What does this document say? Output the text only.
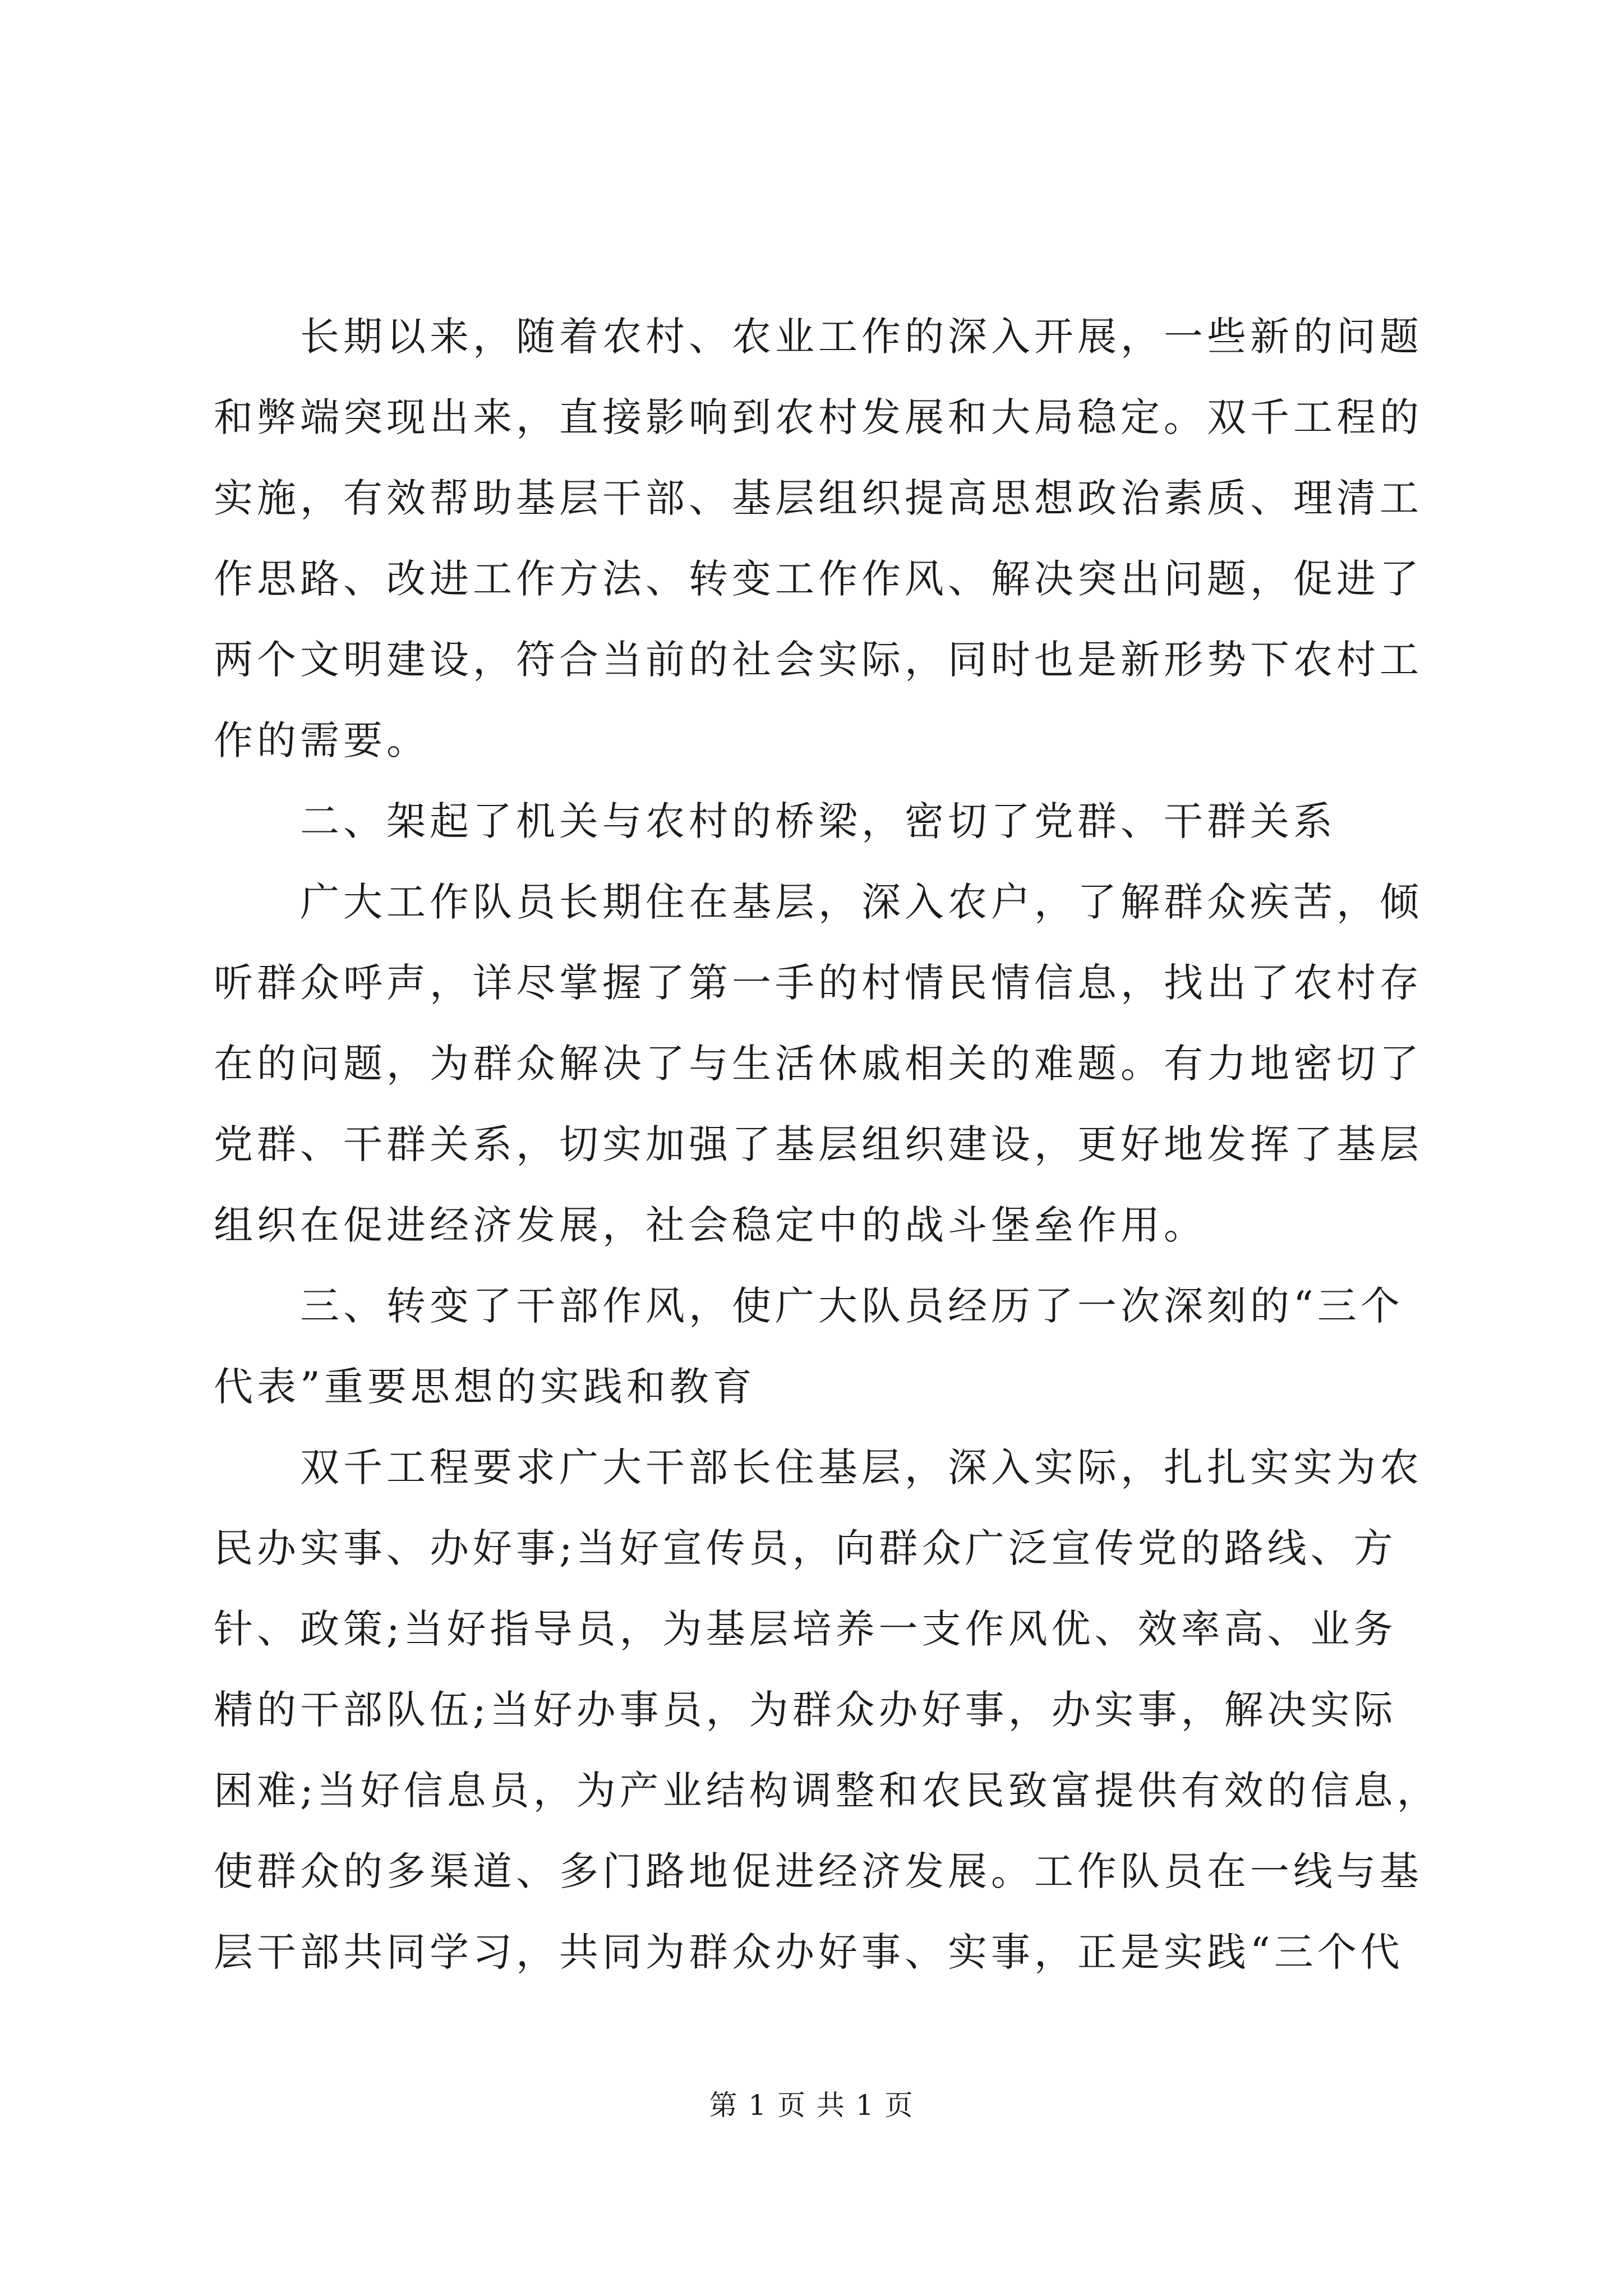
长期以来，随着农村、农业工作的深入开展，一些新的问题
和弊端突现出来，直接影响到农村发展和大局稳定。双千工程的
实施，有效帮助基层干部、基层组织提高思想政治素质、理清工
作思路、改进工作方法、转变工作作风、解决突出问题，促进了
两个文明建设，符合当前的社会实际，同时也是新形势下农村工
作的需要。
二、架起了机关与农村的桥梁，密切了党群、干群关系
广大工作队员长期住在基层，深入农户，了解群众疾苦，倾
听群众呼声，详尽掌握了第一手的村情民情信息，找出了农村存
在的问题，为群众解决了与生活休戚相关的难题。有力地密切了
党群、干群关系，切实加强了基层组织建设，更好地发挥了基层
组织在促进经济发展，社会稳定中的战斗堡垒作用。
三、转变了干部作风，使广大队员经历了一次深刻的“三个
代表”重要思想的实践和教育
双千工程要求广大干部长住基层，深入实际，扎扎实实为农
民办实事、办好事;当好宣传员，向群众广泛宣传党的路线、方
针、政策;当好指导员，为基层培养一支作风优、效率高、业务
精的干部队伍;当好办事员，为群众办好事，办实事，解决实际
困难;当好信息员，为产业结构调整和农民致富提供有效的信息，
使群众的多渠道、多门路地促进经济发展。工作队员在一线与基
层干部共同学习，共同为群众办好事、实事，正是实践“三个代
第 1 页 共 1 页
